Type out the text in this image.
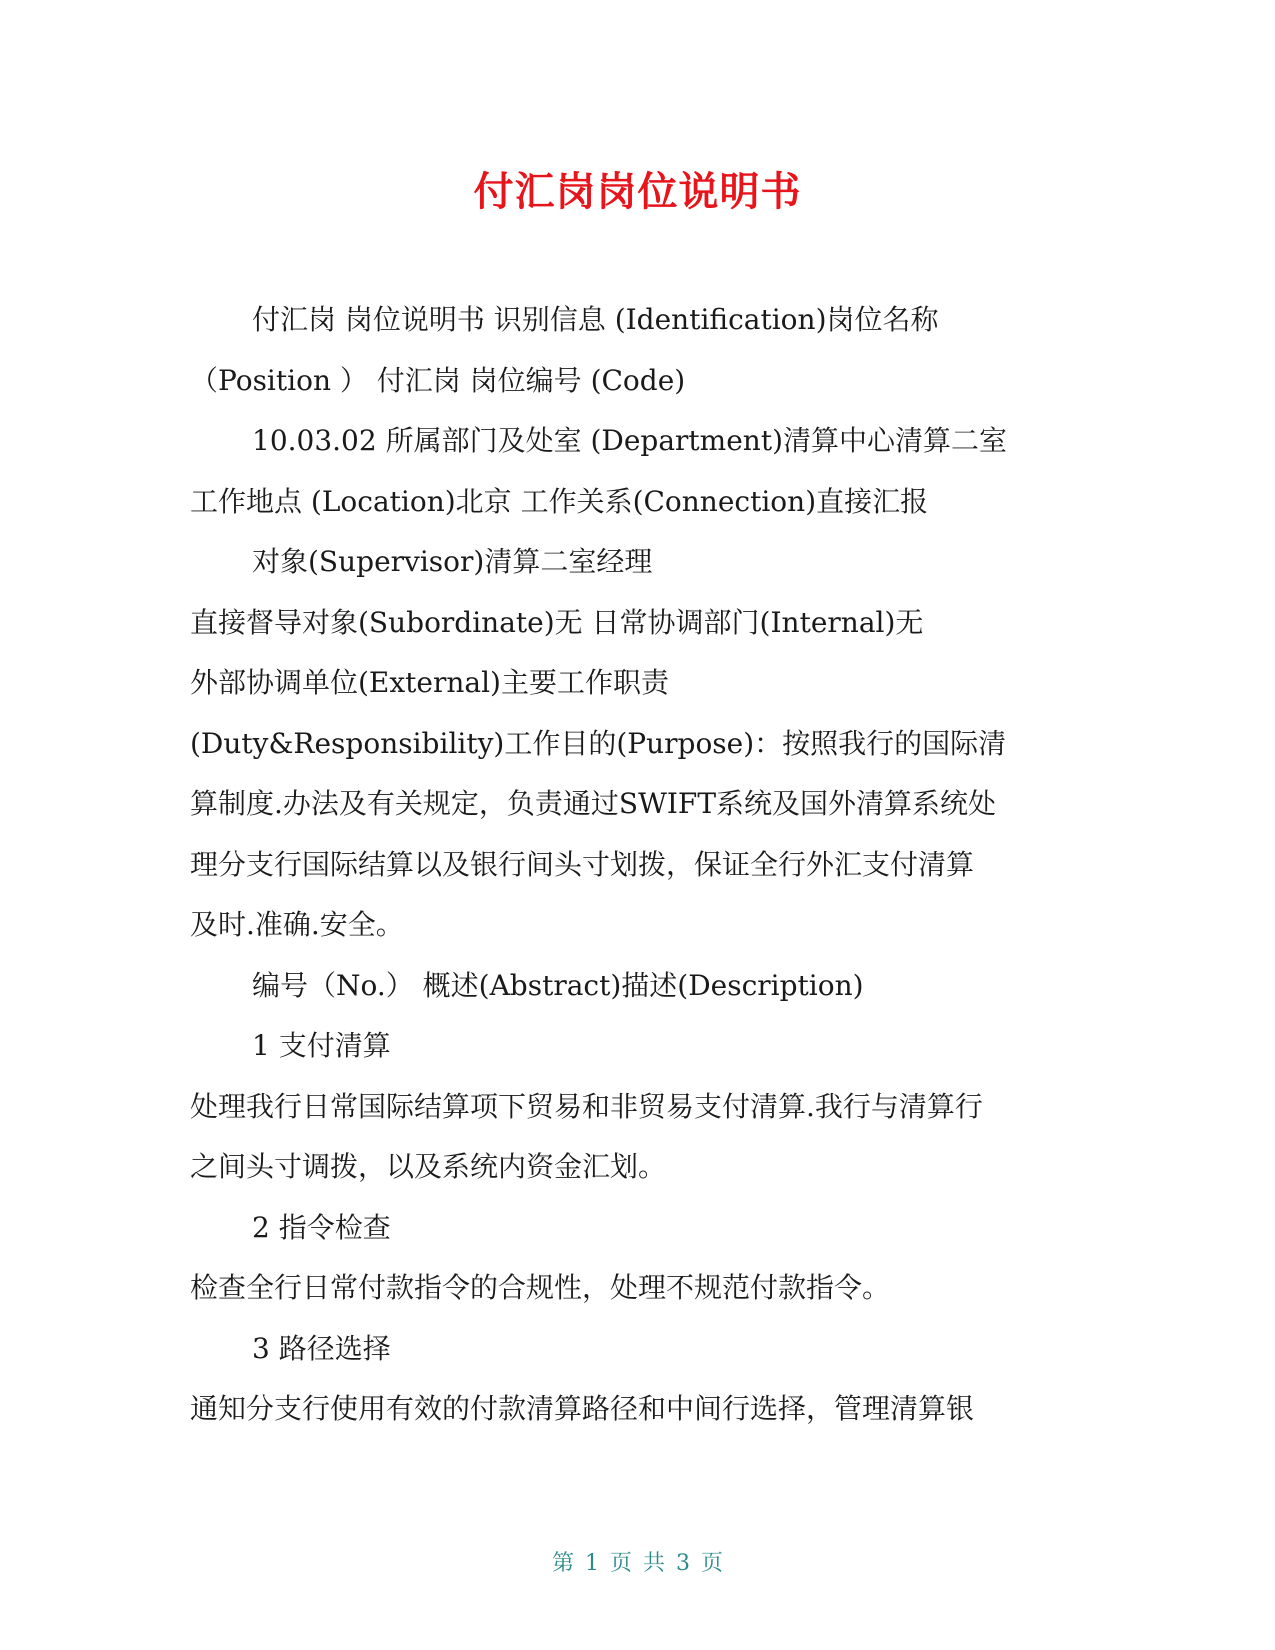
付汇岗岗位说明书

付汇岗 岗位说明书 识别信息 (Identification)岗位名称

（Position ） 付汇岗 岗位编号 (Code)

10.03.02 所属部门及处室 (Department)清算中心清算二室

工作地点 (Location)北京 工作关系(Connection)直接汇报

对象(Supervisor)清算二室经理

直接督导对象(Subordinate)无 日常协调部门(Internal)无

外部协调单位(External)主要工作职责

(Duty&Responsibility)工作目的(Purpose)：按照我行的国际清

算制度.办法及有关规定，负责通过SWIFT系统及国外清算系统处

理分支行国际结算以及银行间头寸划拨，保证全行外汇支付清算

及时.准确.安全。

编号（No.） 概述(Abstract)描述(Description)

1 支付清算

处理我行日常国际结算项下贸易和非贸易支付清算.我行与清算行

之间头寸调拨，以及系统内资金汇划。

2 指令检查

检查全行日常付款指令的合规性，处理不规范付款指令。

3 路径选择

通知分支行使用有效的付款清算路径和中间行选择，管理清算银

第 1 页 共 3 页
